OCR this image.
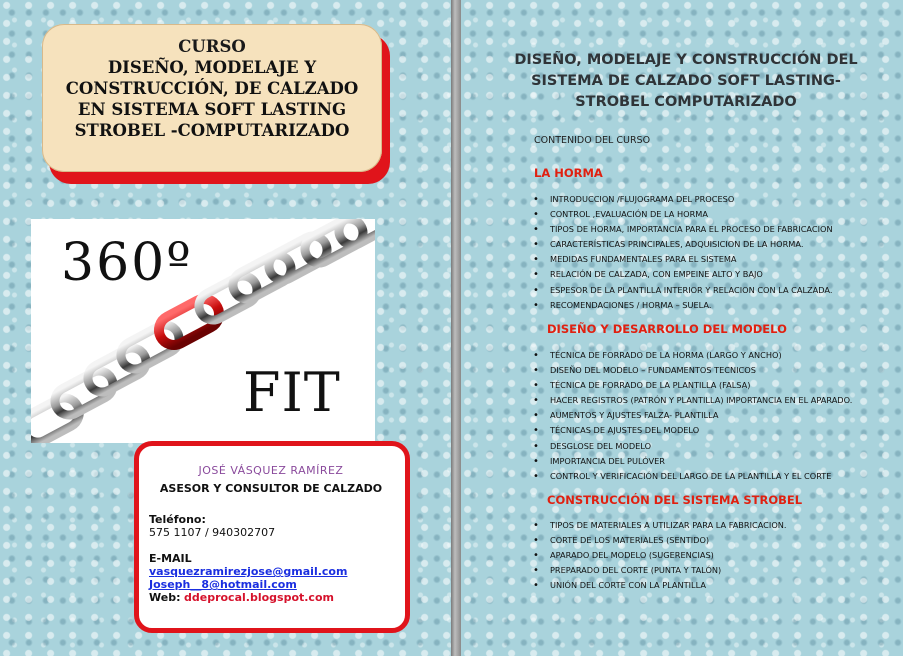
CURSO
DISEÑO, MODELAJE Y
CONSTRUCCIÓN, DE CALZADO
EN SISTEMA SOFT LASTING
STROBEL -COMPUTARIZADO
360º
FIT
JOSÉ VÁSQUEZ RAMÍREZ
ASESOR Y CONSULTOR DE CALZADO
Teléfono:
575 1107 / 940302707
E-MAIL
vasquezramirezjose@gmail.com
Joseph__8@hotmail.com
Web: ddeprocal.blogspot.com
DISEÑO, MODELAJE Y CONSTRUCCIÓN DEL
SISTEMA DE CALZADO SOFT LASTING-
STROBEL COMPUTARIZADO
CONTENIDO DEL CURSO
LA HORMA
• INTRODUCCION /FLUJOGRAMA DEL PROCESO
• CONTROL ,EVALUACIÓN DE LA HORMA
• TIPOS DE HORMA, IMPORTANCIA PARA EL PROCESO DE FABRICACION
• CARACTERÍSTICAS PRINCIPALES, ADQUISICION DE LA HORMA.
• MEDIDAS FUNDAMENTALES PARA EL SISTEMA
• RELACIÓN DE CALZADA, CON EMPEINE ALTO Y BAJO
• ESPESOR DE LA PLANTILLA INTERIOR Y RELACION CON LA CALZADA.
• RECOMENDACIONES / HORMA – SUELA.
DISEÑO Y DESARROLLO DEL MODELO
• TÉCNICA DE FORRADO DE LA HORMA (LARGO Y ANCHO)
• DISEÑO DEL MODELO – FUNDAMENTOS TECNICOS
• TÉCNICA DE FORRADO DE LA PLANTILLA (FALSA)
• HACER REGISTROS (PATRÓN Y PLANTILLA) IMPORTANCIA EN EL APARADO.
• AUMENTOS Y AJUSTES FALZA- PLANTILLA
• TÉCNICAS DE AJUSTES DEL MODELO
• DESGLOSE DEL MODELO
• IMPORTANCIA DEL PULÓVER
• CONTROL Y VERIFICACIÓN DEL LARGO DE LA PLANTILLA Y EL CORTE
CONSTRUCCIÓN DEL SISTEMA STROBEL
• TIPOS DE MATERIALES A UTILIZAR PARA LA FABRICACION.
• CORTE DE LOS MATERIALES (SENTIDO)
• APARADO DEL MODELO (SUGERENCIAS)
• PREPARADO DEL CORTE (PUNTA Y TALÓN)
• UNIÓN DEL CORTE CON LA PLANTILLA
